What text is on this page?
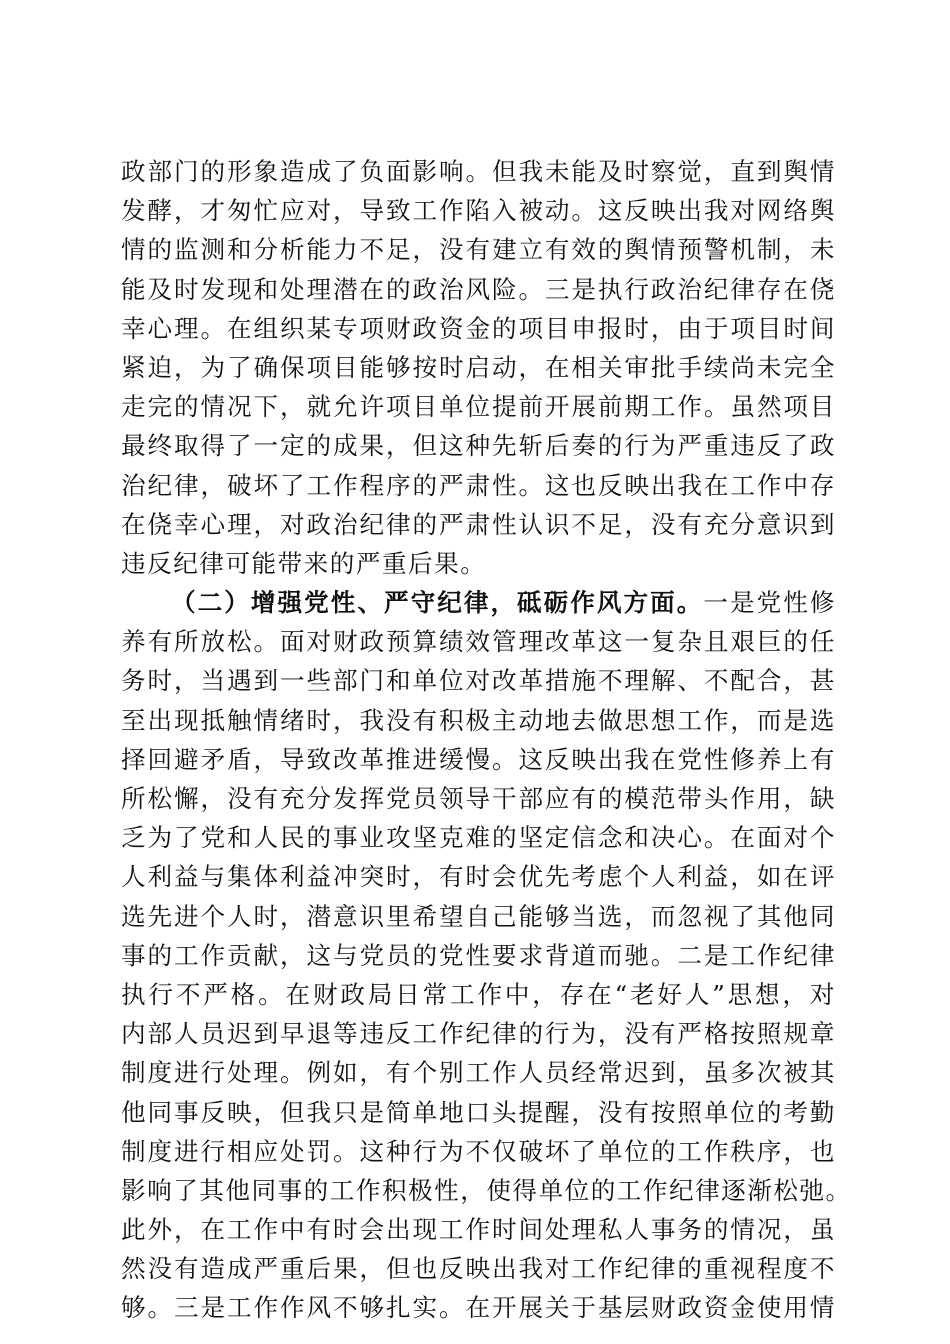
政部门的形象造成了负面影响。但我未能及时察觉，直到舆情
发酵，才匆忙应对，导致工作陷入被动。这反映出我对网络舆
情的监测和分析能力不足，没有建立有效的舆情预警机制，未
能及时发现和处理潜在的政治风险。三是执行政治纪律存在侥
幸心理。在组织某专项财政资金的项目申报时，由于项目时间
紧迫，为了确保项目能够按时启动，在相关审批手续尚未完全
走完的情况下，就允许项目单位提前开展前期工作。虽然项目
最终取得了一定的成果，但这种先斩后奏的行为严重违反了政
治纪律，破坏了工作程序的严肃性。这也反映出我在工作中存
在侥幸心理，对政治纪律的严肃性认识不足，没有充分意识到
违反纪律可能带来的严重后果。
（二）增强党性、严守纪律，砥砺作风方面。一是党性修
养有所放松。面对财政预算绩效管理改革这一复杂且艰巨的任
务时，当遇到一些部门和单位对改革措施不理解、不配合，甚
至出现抵触情绪时，我没有积极主动地去做思想工作，而是选
择回避矛盾，导致改革推进缓慢。这反映出我在党性修养上有
所松懈，没有充分发挥党员领导干部应有的模范带头作用，缺
乏为了党和人民的事业攻坚克难的坚定信念和决心。在面对个
人利益与集体利益冲突时，有时会优先考虑个人利益，如在评
选先进个人时，潜意识里希望自己能够当选，而忽视了其他同
事的工作贡献，这与党员的党性要求背道而驰。二是工作纪律
执行不严格。在财政局日常工作中，存在“老好人”思想，对
内部人员迟到早退等违反工作纪律的行为，没有严格按照规章
制度进行处理。例如，有个别工作人员经常迟到，虽多次被其
他同事反映，但我只是简单地口头提醒，没有按照单位的考勤
制度进行相应处罚。这种行为不仅破坏了单位的工作秩序，也
影响了其他同事的工作积极性，使得单位的工作纪律逐渐松弛。
此外，在工作中有时会出现工作时间处理私人事务的情况，虽
然没有造成严重后果，但也反映出我对工作纪律的重视程度不
够。三是工作作风不够扎实。在开展关于基层财政资金使用情
